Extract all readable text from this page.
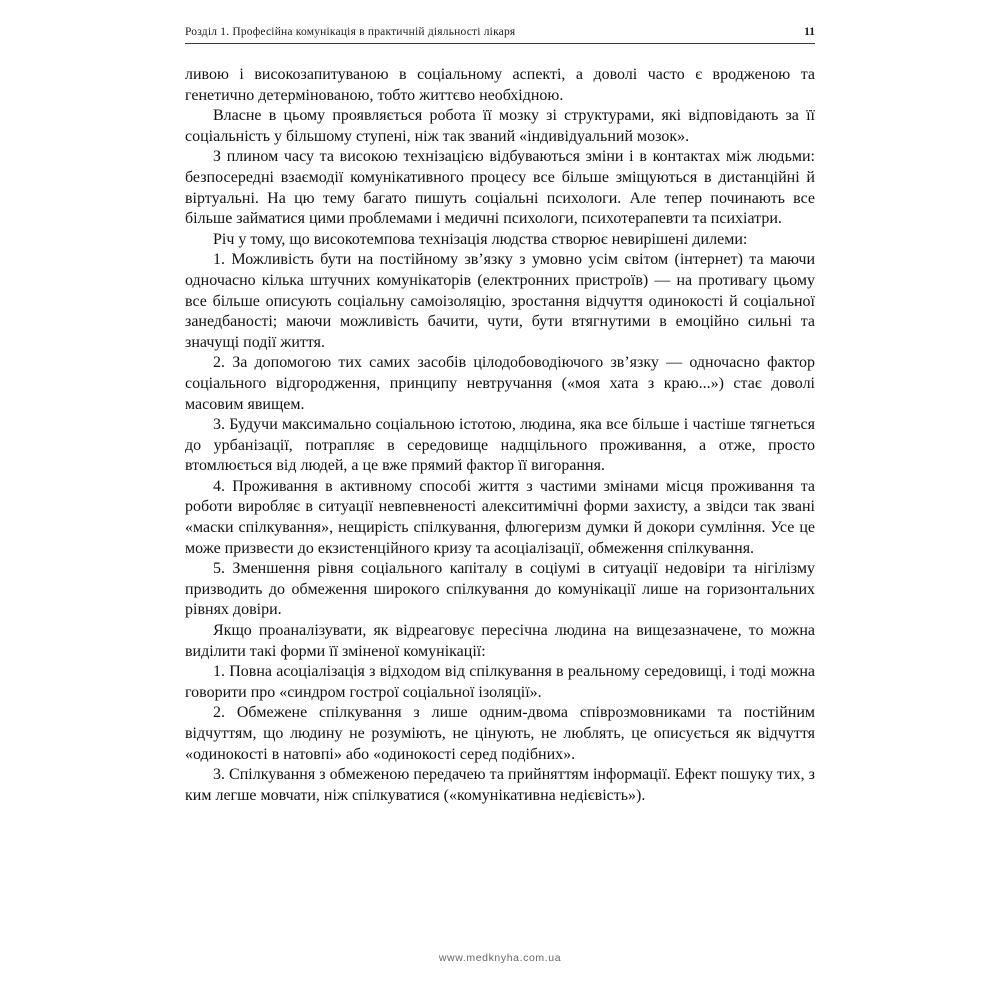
Розділ 1. Професійна комунікація в практичній діяльності лікаря	11

ливою і високозапитуваною в соціальному аспекті, а доволі часто є вродженою та генетично детермінованою, тобто життєво необхідною.

Власне в цьому проявляється робота її мозку зі структурами, які відповідають за її соціальність у більшому ступені, ніж так званий «індивідуальний мозок».

З плином часу та високою технізацією відбуваються зміни і в контактах між людьми: безпосередні взаємодії комунікативного процесу все більше зміщуються в дистанційні й віртуальні. На цю тему багато пишуть соціальні психологи. Але тепер починають все більше займатися цими проблемами і медичні психологи, психотерапевти та психіатри.

Річ у тому, що високотемпова технізація людства створює невирішені дилеми:

1. Можливість бути на постійному зв’язку з умовно усім світом (інтернет) та маючи одночасно кілька штучних комунікаторів (електронних пристроїв) — на противагу цьому все більше описують соціальну самоізоляцію, зростання відчуття одинокості й соціальної занедбаності; маючи можливість бачити, чути, бути втягнутими в емоційно сильні та значущі події життя.

2. За допомогою тих самих засобів цілодобоводіючого зв’язку — одночасно фактор соціального відгородження, принципу невтручання («моя хата з краю...») стає доволі масовим явищем.

3. Будучи максимально соціальною істотою, людина, яка все більше і частіше тягнеться до урбанізації, потрапляє в середовище надщільного проживання, а отже, просто втомлюється від людей, а це вже прямий фактор її вигорання.

4. Проживання в активному способі життя з частими змінами місця проживання та роботи виробляє в ситуації невпевненості алекситимічні форми захисту, а звідси так звані «маски спілкування», нещирість спілкування, флюгеризм думки й докори сумління. Усе це може призвести до екзистенційного кризу та асоціалізації, обмеження спілкування.

5. Зменшення рівня соціального капіталу в соціумі в ситуації недовіри та нігілізму призводить до обмеження широкого спілкування до комунікації лише на горизонтальних рівнях довіри.

Якщо проаналізувати, як відреаговує пересічна людина на вищезазначене, то можна виділити такі форми її зміненої комунікації:

1. Повна асоціалізація з відходом від спілкування в реальному середовищі, і тоді можна говорити про «синдром гострої соціальної ізоляції».

2. Обмежене спілкування з лише одним-двома співрозмовниками та постійним відчуттям, що людину не розуміють, не цінують, не люблять, це описується як відчуття «одинокості в натовпі» або «одинокості серед подібних».

3. Спілкування з обмеженою передачею та прийняттям інформації. Ефект пошуку тих, з ким легше мовчати, ніж спілкуватися («комунікативна недієвість»).

www.medknyha.com.ua
